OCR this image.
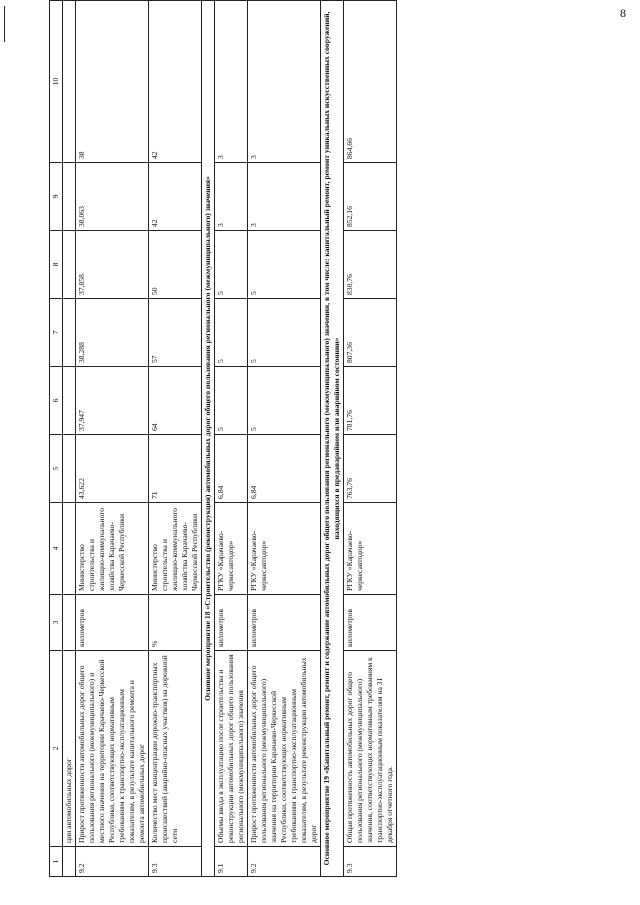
8
1	2	3	4	5	6	7	8	9	10
	ции автомобильных дорог								
9.2	Прирост протяженности автомобильных дорог общего пользования регионального (межмуниципального) и местного значения на территории Карачаево-Черкесской Республики, соответствующих нормативным требованиям к транспортно-эксплуатационным показателям, в результате капитального ремонта и ремонта автомобильных дорог	километров	Министерство строительства и жилищно-коммунального хозяйства Карачаево-Черкесской Республики	43,622	37,947	38,288	37,858	38,063	38
9.3	Количество мест концентрации дорожно-транспортных происшествий (аварийно-опасных участков) на дорожной сети	%	Министерство строительства и жилищно-коммунального хозяйства Карачаево-Черкесской Республики	71	64	57	50	42	42
Основное мероприятие 18 «Строительство (реконструкция) автомобильных дорог общего пользования регионального (межмуниципального) значения»									
9.1	Объемы ввода в эксплуатацию после строительства и реконструкции автомобильных дорог общего пользования регионального (межмуниципального) значения	километров	РГКУ «Карачаево-черкесавтодор»	6,84	5	5	5	3	3
9.2	Прирост протяженности автомобильных дорог общего пользования регионального (межмуниципального) значения на территории Карачаево-Черкесской Республики, соответствующих нормативным требованиям к транспортно-эксплуатационным показателям, в результате реконструкции автомобильных дорог	километров	РГКУ «Карачаево-черкесавтодор»	6,84	5	5	5	3	3
Основное мероприятие 19 «Капитальный ремонт, ремонт и содержание автомобильных дорог общего пользования регионального (межмуниципального) значения, в том числе: капитальный ремонт, ремонт уникальных искусственных сооружений, находящихся в предаварийном или аварийном состоянии»									
9.3	Общая протяженность автомобильных дорог общего пользования регионального (межмуниципального) значения, соответствующих нормативным требованиям к транспортно-эксплуатационным показателям на 31 декабря отчетного года.	километров	РГКУ «Карачаево-черкесавтодор»	763,76	781,76	807,36	830,76	852,16	864,66
